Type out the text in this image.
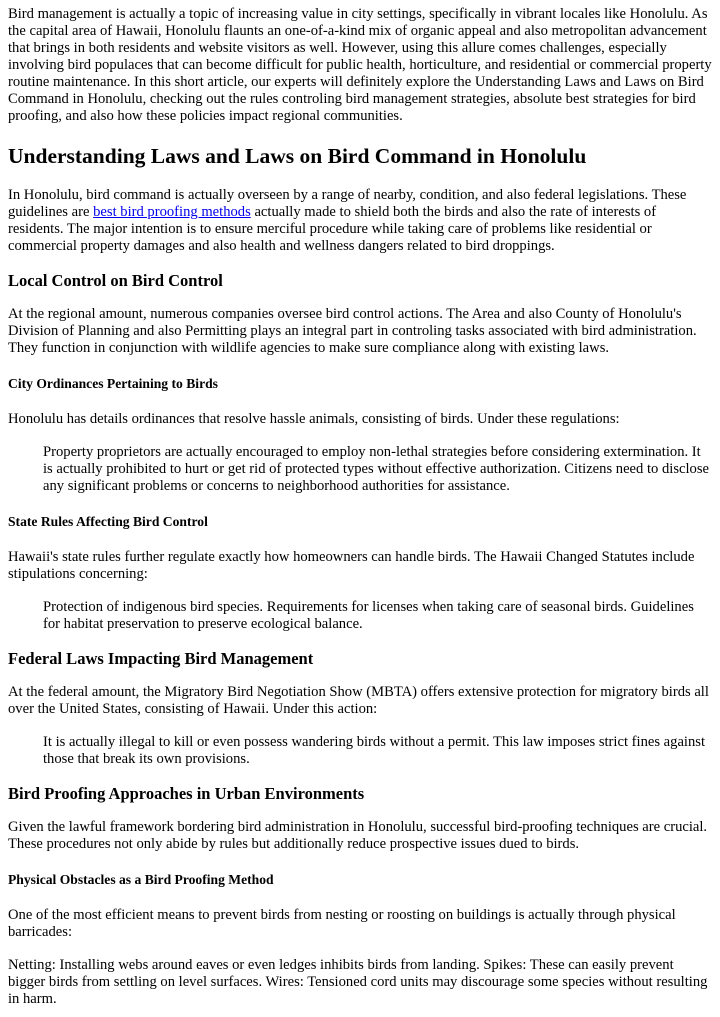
Bird management is actually a topic of increasing value in city settings, specifically in vibrant locales like Honolulu. As the capital area of Hawaii, Honolulu flaunts an one-of-a-kind mix of organic appeal and also metropolitan advancement that brings in both residents and website visitors as well. However, using this allure comes challenges, especially involving bird populaces that can become difficult for public health, horticulture, and residential or commercial property routine maintenance. In this short article, our experts will definitely explore the Understanding Laws and Laws on Bird Command in Honolulu, checking out the rules controling bird management strategies, absolute best strategies for bird proofing, and also how these policies impact regional communities.

Understanding Laws and Laws on Bird Command in Honolulu

In Honolulu, bird command is actually overseen by a range of nearby, condition, and also federal legislations. These guidelines are best bird proofing methods actually made to shield both the birds and also the rate of interests of residents. The major intention is to ensure merciful procedure while taking care of problems like residential or commercial property damages and also health and wellness dangers related to bird droppings.

Local Control on Bird Control

At the regional amount, numerous companies oversee bird control actions. The Area and also County of Honolulu's Division of Planning and also Permitting plays an integral part in controling tasks associated with bird administration. They function in conjunction with wildlife agencies to make sure compliance along with existing laws.

City Ordinances Pertaining to Birds

Honolulu has details ordinances that resolve hassle animals, consisting of birds. Under these regulations:

Property proprietors are actually encouraged to employ non-lethal strategies before considering extermination. It is actually prohibited to hurt or get rid of protected types without effective authorization. Citizens need to disclose any significant problems or concerns to neighborhood authorities for assistance.
State Rules Affecting Bird Control

Hawaii's state rules further regulate exactly how homeowners can handle birds. The Hawaii Changed Statutes include stipulations concerning:

Protection of indigenous bird species. Requirements for licenses when taking care of seasonal birds. Guidelines for habitat preservation to preserve ecological balance.
Federal Laws Impacting Bird Management

At the federal amount, the Migratory Bird Negotiation Show (MBTA) offers extensive protection for migratory birds all over the United States, consisting of Hawaii. Under this action:

It is actually illegal to kill or even possess wandering birds without a permit. This law imposes strict fines against those that break its own provisions.
Bird Proofing Approaches in Urban Environments

Given the lawful framework bordering bird administration in Honolulu, successful bird-proofing techniques are crucial. These procedures not only abide by rules but additionally reduce prospective issues dued to birds.

Physical Obstacles as a Bird Proofing Method

One of the most efficient means to prevent birds from nesting or roosting on buildings is actually through physical barricades:

Netting: Installing webs around eaves or even ledges inhibits birds from landing. Spikes: These can easily prevent bigger birds from settling on level surfaces. Wires: Tensioned cord units may discourage some species without resulting in harm.
